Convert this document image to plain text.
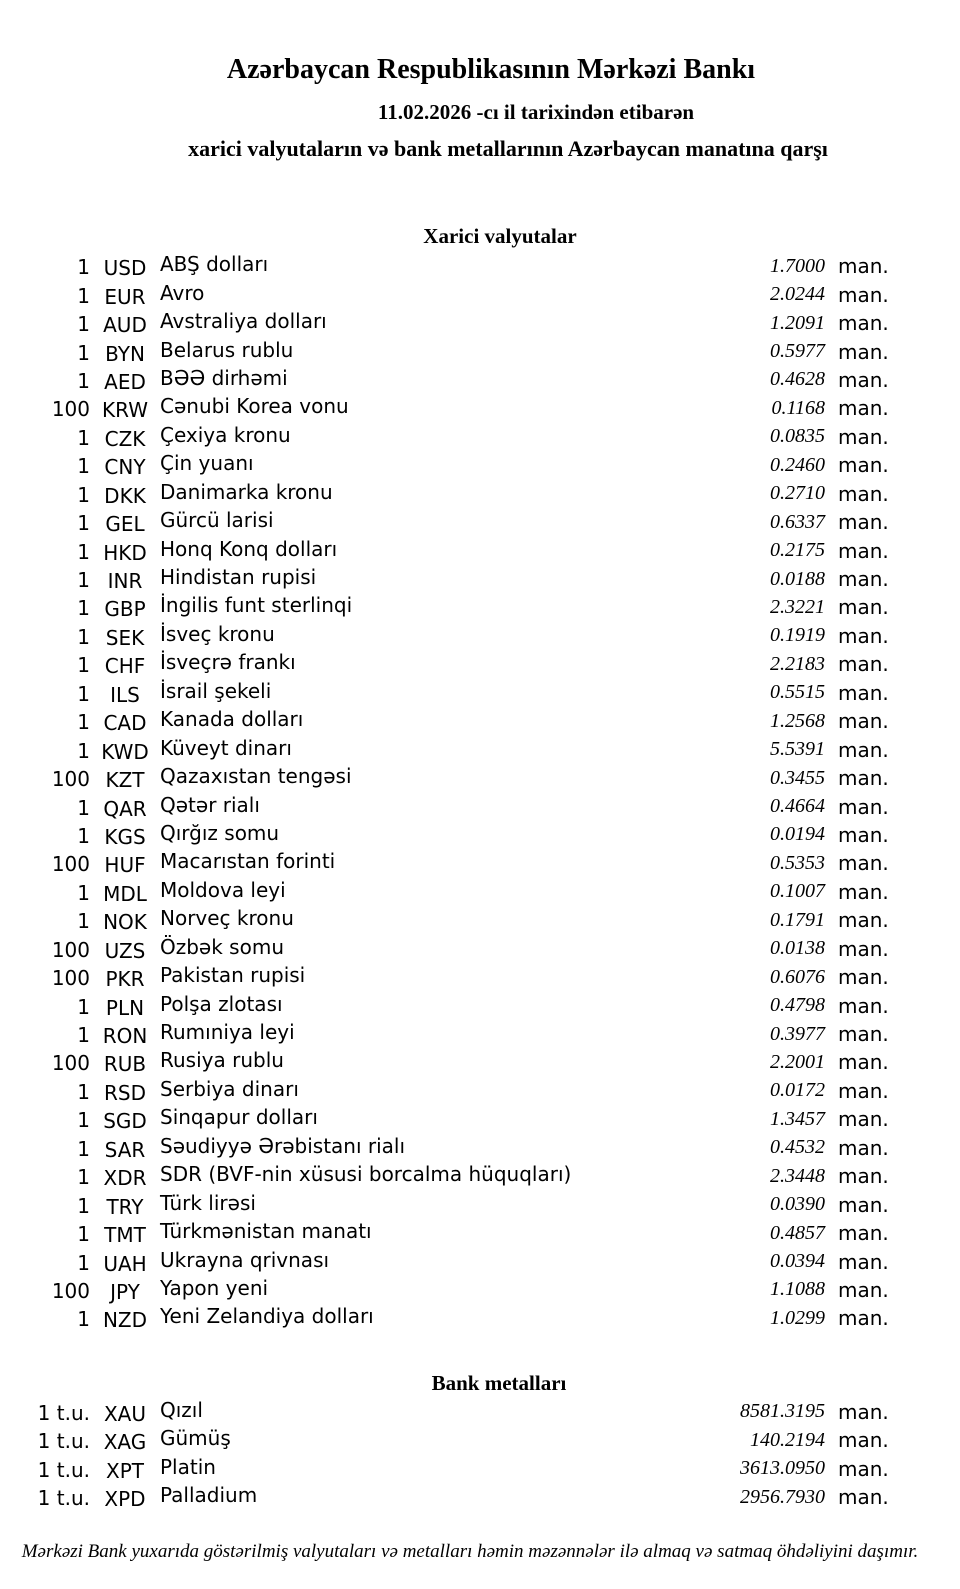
Azərbaycan Respublikasının Mərkəzi Bankı
11.02.2026 -cı il tarixindən etibarən
xarici valyutaların və bank metallarının Azərbaycan manatına qarşı
Xarici valyutalar
1 USD ABŞ dolları	1.7000 man.
1 EUR Avro	2.0244 man.
1 AUD Avstraliya dolları	1.2091 man.
1 BYN Belarus rublu	0.5977 man.
1 AED BƏƏ dirhəmi	0.4628 man.
100 KRW Cənubi Korea vonu	0.1168 man.
1 CZK Çexiya kronu	0.0835 man.
1 CNY Çin yuanı	0.2460 man.
1 DKK Danimarka kronu	0.2710 man.
1 GEL Gürcü larisi	0.6337 man.
1 HKD Honq Konq dolları	0.2175 man.
1 INR Hindistan rupisi	0.0188 man.
1 GBP İngilis funt sterlinqi	2.3221 man.
1 SEK İsveç kronu	0.1919 man.
1 CHF İsveçrə frankı	2.2183 man.
1	ILS	İsrail şekeli	0.5515 man.
1 CAD Kanada dolları	1.2568 man.
1 KWD Küveyt dinarı	5.5391 man.
100 KZT Qazaxıstan tengəsi	0.3455 man.
1 QAR Qətər rialı	0.4664 man.
1 KGS Qırğız somu	0.0194 man.
100 HUF Macarıstan forinti	0.5353 man.
1 MDL Moldova leyi	0.1007 man.
1 NOK Norveç kronu	0.1791 man.
100 UZS Özbək somu	0.0138 man.
100 PKR Pakistan rupisi	0.6076 man.
1 PLN Polşa zlotası	0.4798 man.
1 RON Rumıniya leyi	0.3977 man.
100 RUB Rusiya rublu	2.2001 man.
1 RSD Serbiya dinarı	0.0172 man.
1 SGD Sinqapur dolları	1.3457 man.
1 SAR Səudiyyə Ərəbistanı rialı	0.4532 man.
1 XDR SDR (BVF-nin xüsusi borcalma hüquqları)	2.3448 man.
1 TRY Türk lirəsi	0.0390 man.
1 TMT Türkmənistan manatı	0.4857 man.
1 UAH Ukrayna qrivnası	0.0394 man.
100	JPY	Yapon yeni	1.1088 man.
1 NZD Yeni Zelandiya dolları	1.0299 man.
Bank metalları
1 t.u. XAU Qızıl	8581.3195 man.
1 t.u. XAG Gümüş	140.2194 man.
1 t.u. XPT Platin	3613.0950 man.
1 t.u. XPD Palladium	2956.7930 man.
Mərkəzi Bank yuxarıda göstərilmiş valyutaları və metalları həmin məzənnələr ilə almaq və satmaq öhdəliyini daşımır.
